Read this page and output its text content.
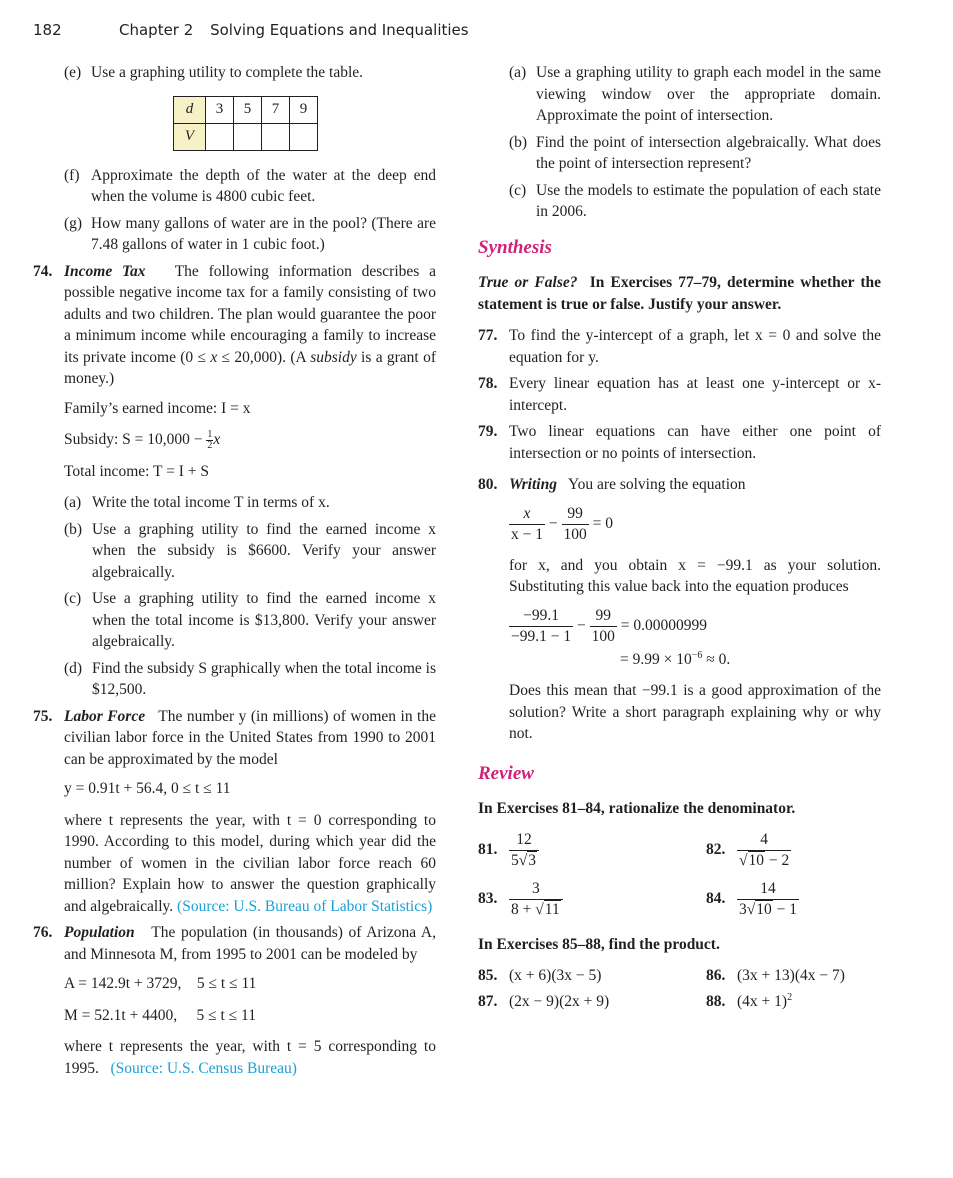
182	Chapter 2 Solving Equations and Inequalities
(e) Use a graphing utility to complete the table.
d	3	5	7	9
V				
(f) Approximate the depth of the water at the deep end when the volume is 4800 cubic feet.
(g) How many gallons of water are in the pool? (There are 7.48 gallons of water in 1 cubic foot.)
74. Income Tax The following information describes a possible negative income tax for a family consisting of two adults and two children. The plan would guarantee the poor a minimum income while encouraging a family to increase its private income (0 ≤ x ≤ 20,000). (A subsidy is a grant of money.)
Family’s earned income: I = x
Subsidy: $S = 10,000 - \frac{1}{2}$ x
Total income: T = I + S
(a) Write the total income T in terms of x.
(b) Use a graphing utility to find the earned income x when the subsidy is $6600. Verify your answer algebraically.
(c) Use a graphing utility to find the earned income x when the total income is $13,800. Verify your answer algebraically.
(d) Find the subsidy S graphically when the total income is $12,500.
75. Labor Force The number y (in millions) of women in the civilian labor force in the United States from 1990 to 2001 can be approximated by the model
y = 0.91t + 56.4, 0 ≤ t ≤ 11
where t represents the year, with t = 0 corresponding to 1990. According to this model, during which year did the number of women in the civilian labor force reach 60 million? Explain how to answer the question graphically and algebraically. (Source: U.S. Bureau of Labor Statistics)
76. Population The population (in thousands) of Arizona A, and Minnesota M, from 1995 to 2001 can be modeled by
A = 142.9t + 3729,    5 ≤ t ≤ 11
M = 52.1t + 4400,     5 ≤ t ≤ 11
where t represents the year, with t = 5 corresponding to 1995. (Source: U.S. Census Bureau)
(a) Use a graphing utility to graph each model in the same viewing window over the appropriate domain. Approximate the point of intersection.
(b) Find the point of intersection algebraically. What does the point of intersection represent?
(c) Use the models to estimate the population of each state in 2006.
Synthesis
True or False? In Exercises 77–79, determine whether the statement is true or false. Justify your answer.
77. To find the y-intercept of a graph, let x = 0 and solve the equation for y.
78. Every linear equation has at least one y-intercept or x-intercept.
79. Two linear equations can have either one point of intersection or no points of intersection.
80. Writing You are solving the equation
$\frac{x}{x - 1} - \frac{99}{100} = 0$
for x, and you obtain x = −99.1 as your solution. Substituting this value back into the equation produces
$\frac{-99.1}{-99.1 - 1} - \frac{99}{100} = 0.00000999$
= $9.99 \times 10^{-6} \approx 0$.
Does this mean that −99.1 is a good approximation of the solution? Write a short paragraph explaining why or why not.
Review
In Exercises 81–84, rationalize the denominator.
81. $\frac{12}{5√3}$	82. $\frac{4}{√10 - 2}$
83. $\frac{3}{8 + √11}$	84. $\frac{14}{3√10 - 1}$
In Exercises 85–88, find the product.
85. (x + 6)(3x − 5)	86. (3x + 13)(4x − 7)
87. (2x − 9)(2x + 9)	88. $(4x + 1)^2$
